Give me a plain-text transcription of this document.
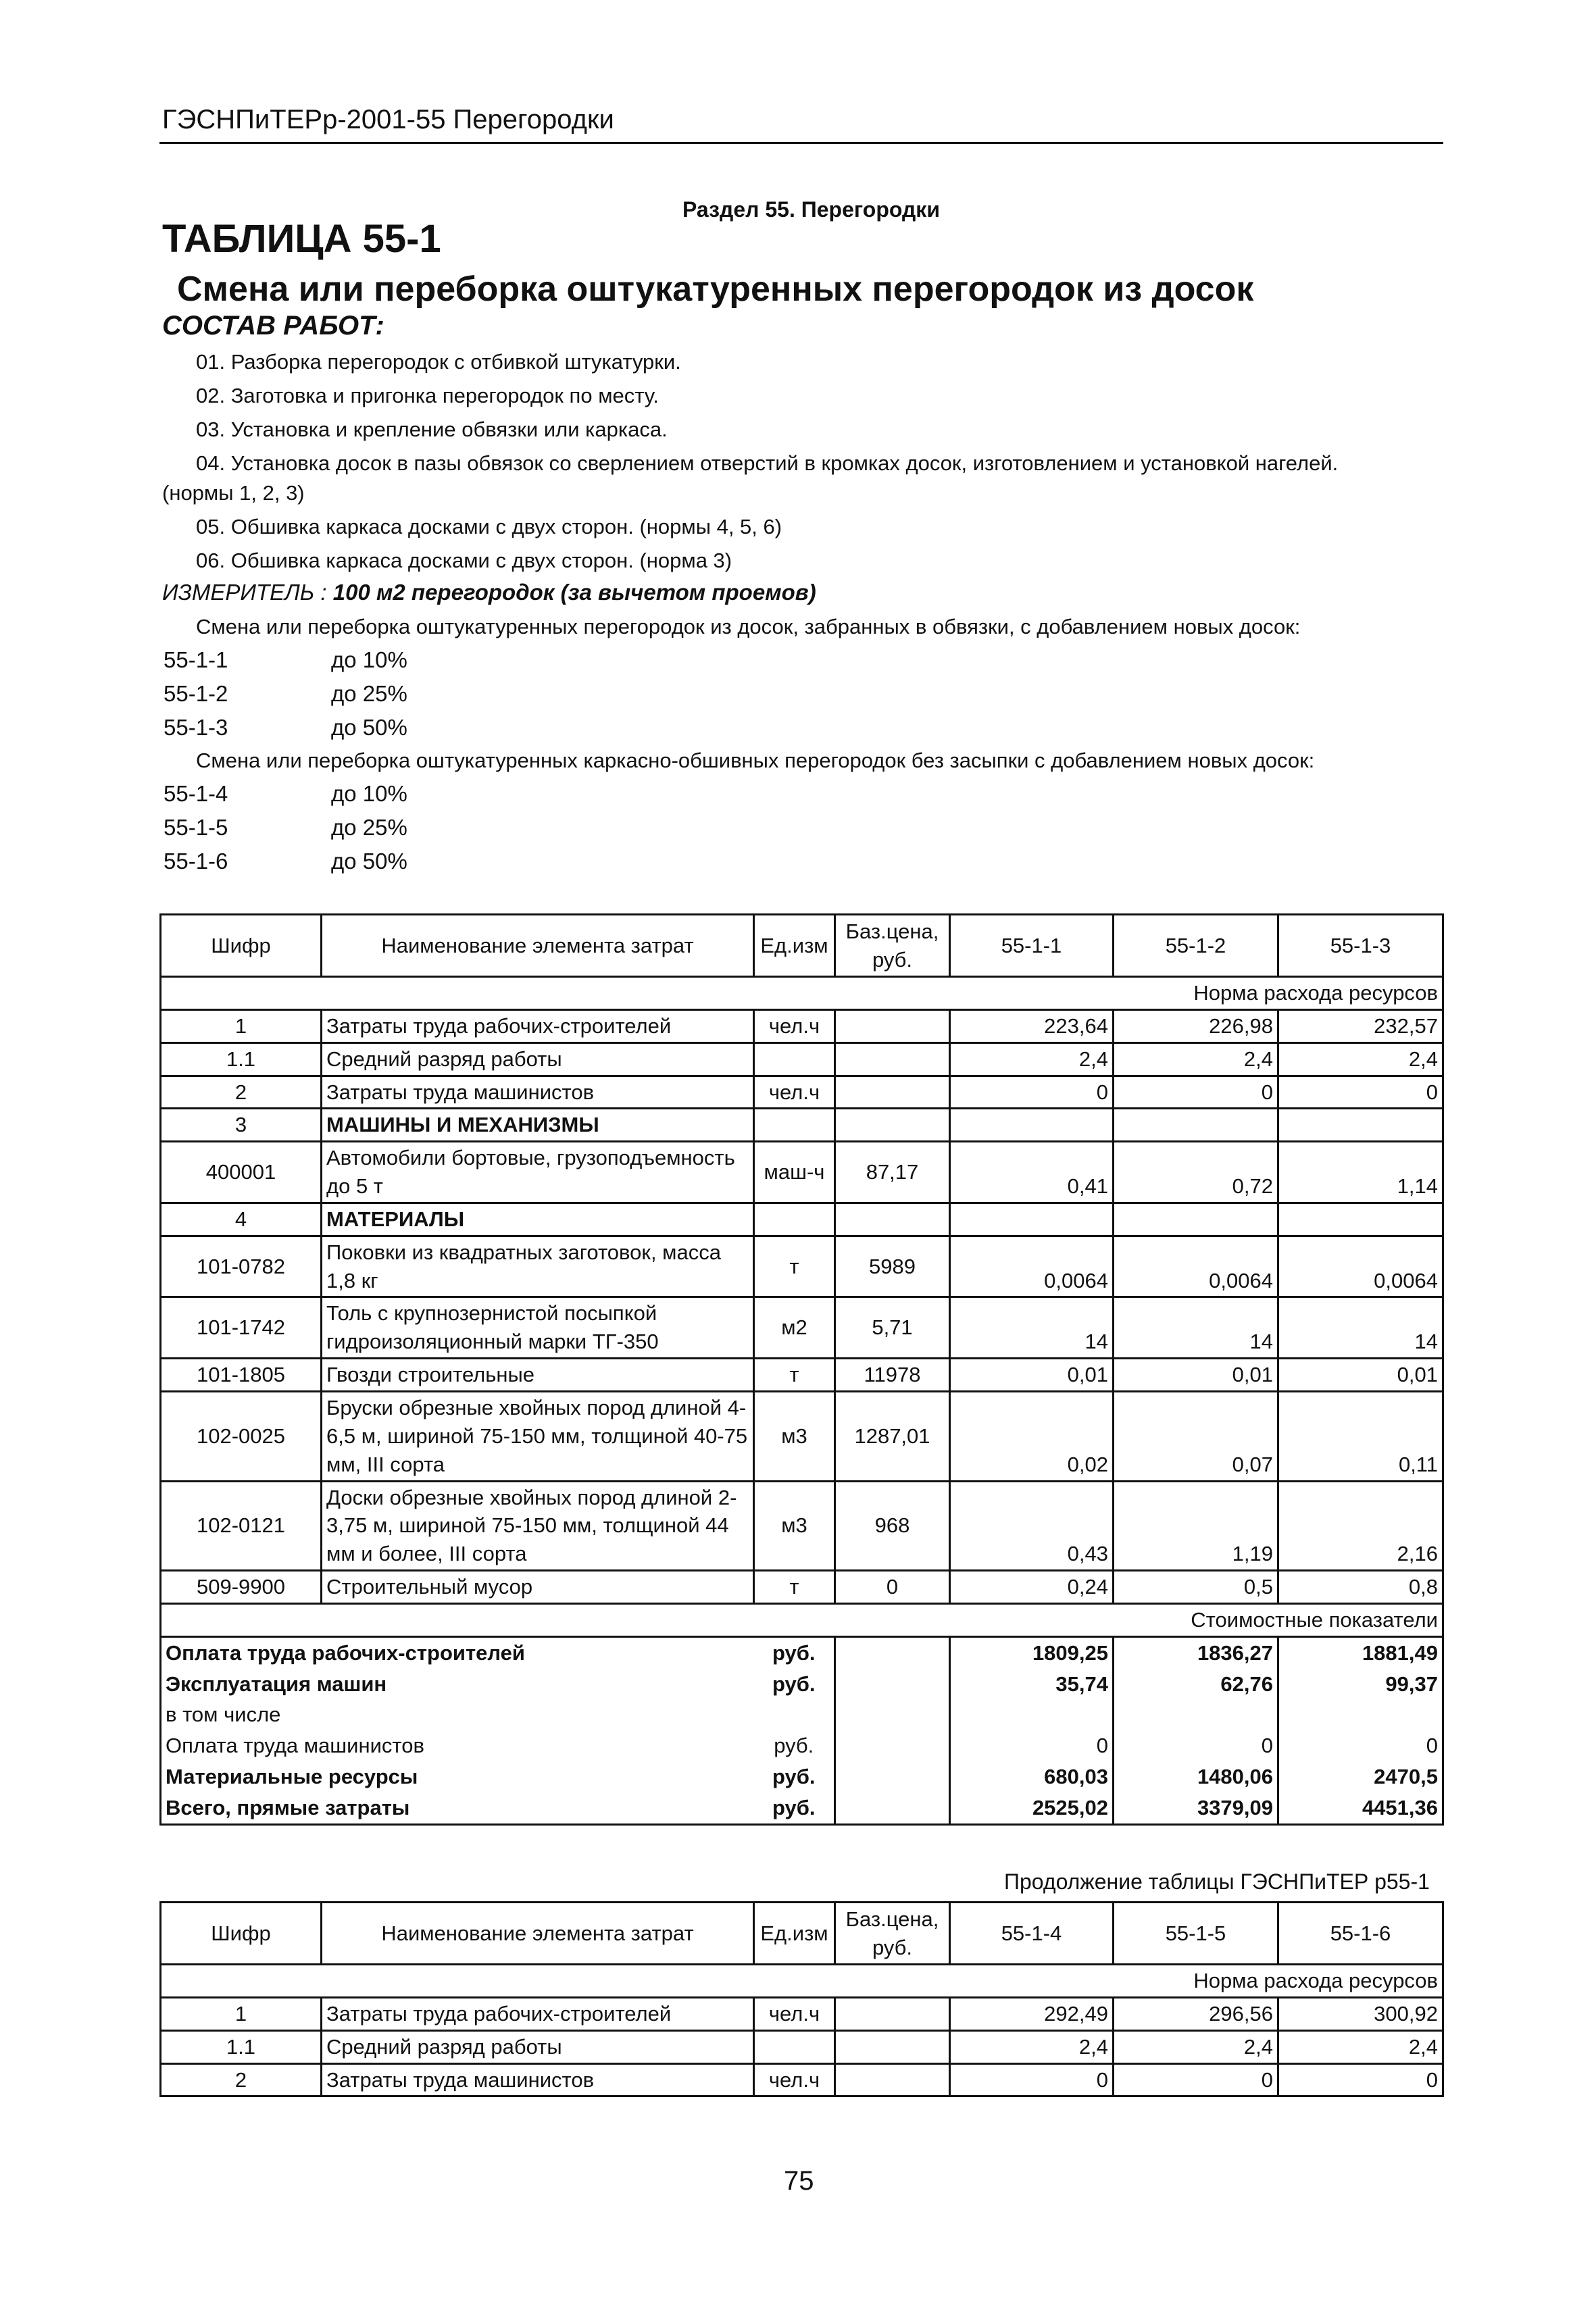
ГЭСНПиТЕРр-2001-55 Перегородки
Раздел 55. Перегородки
ТАБЛИЦА 55-1
Смена или переборка оштукатуренных перегородок из досок
СОСТАВ РАБОТ:
01. Разборка перегородок с отбивкой штукатурки.
02. Заготовка и пригонка перегородок по месту.
03. Установка и крепление обвязки или каркаса.
04. Установка досок в пазы обвязок со сверлением отверстий в кромках досок, изготовлением и установкой нагелей.
(нормы 1, 2, 3)
05. Обшивка каркаса досками с двух сторон. (нормы 4, 5, 6)
06. Обшивка каркаса досками с двух сторон. (норма 3)
ИЗМЕРИТЕЛЬ : 100 м2 перегородок (за вычетом проемов)
Смена или переборка оштукатуренных перегородок из досок, забранных в обвязки, с добавлением новых досок:
55-1-1	до 10%
55-1-2	до 25%
55-1-3	до 50%
Смена или переборка оштукатуренных каркасно-обшивных перегородок без засыпки с добавлением новых досок:
55-1-4	до 10%
55-1-5	до 25%
55-1-6	до 50%
Шифр	Наименование элемента затрат	Ед.изм	Баз.цена, руб.	55-1-1	55-1-2	55-1-3
Норма расхода ресурсов						
1	Затраты труда рабочих-строителей	чел.ч		223,64	226,98	232,57
1.1	Средний разряд работы			2,4	2,4	2,4
2	Затраты труда машинистов	чел.ч		0	0	0
3	МАШИНЫ И МЕХАНИЗМЫ					
400001	Автомобили бортовые, грузоподъемность до 5 т	маш-ч	87,17	0,41	0,72	1,14
4	МАТЕРИАЛЫ					
101-0782	Поковки из квадратных заготовок, масса 1,8 кг	т	5989	0,0064	0,0064	0,0064
101-1742	Толь с крупнозернистой посыпкой гидроизоляционный марки ТГ-350	м2	5,71	14	14	14
101-1805	Гвозди строительные	т	11978	0,01	0,01	0,01
102-0025	Бруски обрезные хвойных пород длиной 4-6,5 м, шириной 75-150 мм, толщиной 40-75 мм, III сорта	м3	1287,01	0,02	0,07	0,11
102-0121	Доски обрезные хвойных пород длиной 2-3,75 м, шириной 75-150 мм, толщиной 44 мм и более, III сорта	м3	968	0,43	1,19	2,16
509-9900	Строительный мусор	т	0	0,24	0,5	0,8
Стоимостные показатели						
Оплата труда рабочих-строителей		руб.		1809,25	1836,27	1881,49
Эксплуатация машин		руб.		35,74	62,76	99,37
в том числе						
Оплата труда машинистов		руб.		0	0	0
Материальные ресурсы		руб.		680,03	1480,06	2470,5
Всего, прямые затраты		руб.		2525,02	3379,09	4451,36
Продолжение таблицы ГЭСНПиТЕР р55-1
Шифр	Наименование элемента затрат	Ед.изм	Баз.цена, руб.	55-1-4	55-1-5	55-1-6
Норма расхода ресурсов						
1	Затраты труда рабочих-строителей	чел.ч		292,49	296,56	300,92
1.1	Средний разряд работы			2,4	2,4	2,4
2	Затраты труда машинистов	чел.ч		0	0	0
75
